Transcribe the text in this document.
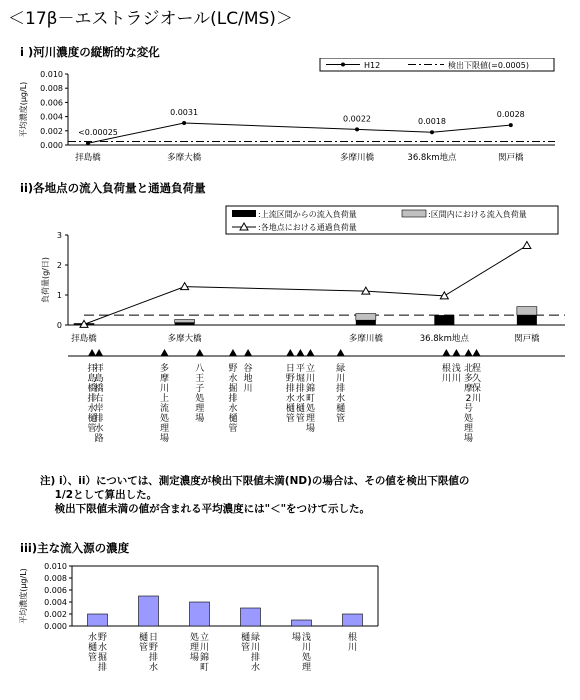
＜17β－エストラジオール(LC/MS)＞
i )河川濃度の縦断的な変化
0.000
0.002
0.004
0.006
0.008
0.010
平均濃度(μg/L)
拝島橋	多摩大橋	多摩川橋	36.8km地点	関戸橋
<0.00025
0.0031
0.0022	0.0018
0.0028
H12	検出下限値(=0.0005)
ii)各地点の流入負荷量と通過負荷量
0
1
2
3
負荷量(g/日)
拝島橋	多摩大橋	多摩川橋	36.8km地点	関戸橋
:上流区間からの流入負荷量	:区間内における流入負荷量
:各地点における通過負荷量
拝島橋排水樋管
拝島橋右岸排水路
多摩川上流処理場
八王子処理場
野水掘排水樋管
谷地川
日野排水樋管
平堀排水樋管
立川錦町処理場
緑川排水樋管
根川
浅川
北多摩 2 号処理場
程久保川
注) i）、ii）については、測定濃度が検出下限値未満(ND)の場合は、その値を検出下限値の
1/2として算出した。
検出下限値未満の値が含まれる平均濃度には"＜"をつけて示した。
iii)主な流入源の濃度
0.000
0.002
0.004
0.006
0.008
0.010
平均濃度(μg/L)
野水掘排
水樋管
日野排水
樋管
立川錦町
処理場
緑川排水
樋管
浅川処理
場	根川
